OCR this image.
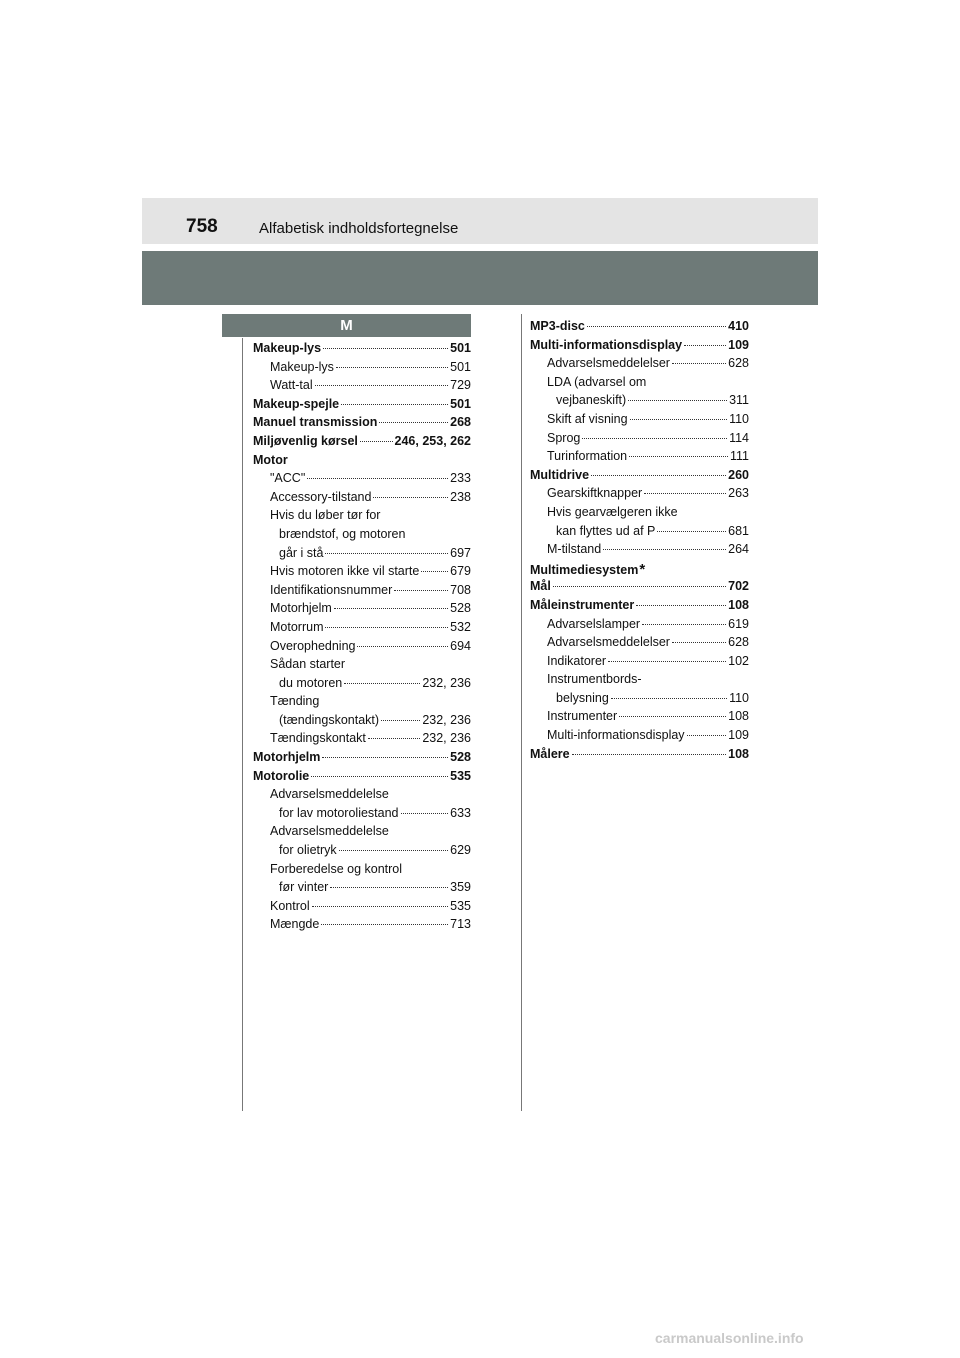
758	Alfabetisk indholdsfortegnelse
M
Makeup-lys	501
Makeup-lys	501
Watt-tal	729
Makeup-spejle	501
Manuel transmission	268
Miljøvenlig kørsel	246, 253, 262
Motor
"ACC"	233
Accessory-tilstand	238
Hvis du løber tør for
brændstof, og motoren
går i stå	697
Hvis motoren ikke vil starte 679
Identifikationsnummer	708
Motorhjelm	528
Motorrum	532
Overophedning	694
Sådan starter
du motoren	232, 236
Tænding
(tændingskontakt)	232, 236
Tændingskontakt	232, 236
Motorhjelm	528
Motorolie	535
Advarselsmeddelelse
for lav motoroliestand	633
Advarselsmeddelelse
for olietryk	629
Forberedelse og kontrol
før vinter	359
Kontrol	535
Mængde	713
MP3-disc	410
Multi-informationsdisplay	109
Advarselsmeddelelser	628
LDA (advarsel om
vejbaneskift)	311
Skift af visning	110
Sprog	114
Turinformation	111
Multidrive	260
Gearskiftknapper	263
Hvis gearvælgeren ikke
kan flyttes ud af P	681
M-tilstand	264
Multimediesystem *
Mål	702
Måleinstrumenter	108
Advarselslamper	619
Advarselsmeddelelser	628
Indikatorer	102
Instrumentbords-
belysning	110
Instrumenter	108
Multi-informationsdisplay	109
Målere	108
carmanualsonline.info
